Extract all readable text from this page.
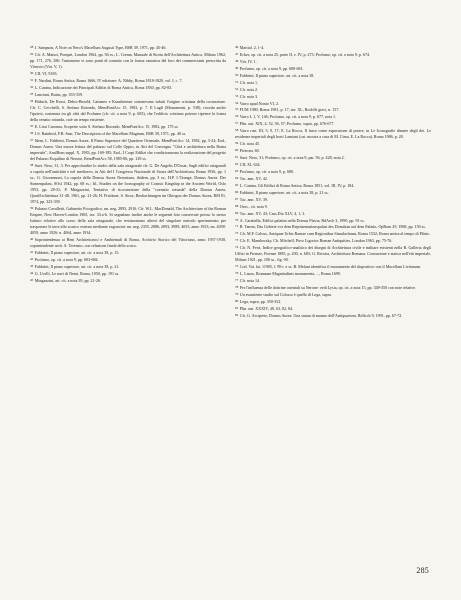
$^{28}$ J. Sampson, A Note on Nero's Macellum Augusti Type, BSR 39, 1971, pp. 45-46.

$^{29}$ Cfr. A. Maiuri, Pompei, London 1962, pp. 94 ss.; L. Crema, Manuale di Storia dell'Architettura Antica, Milano 1962, pp. 171, 276, 286. Tantomeno vi sono punti di contatto con la forma canonica del foro dei commercianti prescritta da Vitruvio (Vitr. V, 1).

$^{30}$ CIL VI, 9183.

$^{31}$ F. Nardini, Roma Antica, Roma 1666, IV edizione: A. Nibby, Roma 1818-1820, vol. I, c. 7.

$^{32}$ L. Canina, Indicazione dei Principali Edifizi di Roma Antica, Roma 1830, pp. 82-83.

$^{33}$ Lanciani, Ruins, pp. 355-359.

$^{34}$ Hübsch, De Rossi, Dehio-Bezold, Cattaneo e Krautheimer sostenevano infatti l'origine cristiana della costruzione. Cfr. C. Cecchelli, S. Stefano Rotondo, MemPontAcc 15, 1982, p. 7. Il Lugli (Monumenti, p. 538), ricorda anche l'ipotesi, sostenuta tra gli altri dal Profumo (cfr. cit. a nota 9, p. 683), che l'edificio cristiano potesse ripetere la forma della cenatio rotunda, cioè un tempo esistente.

$^{35}$ E. Lissi Caronna, Scoperte sotto S. Stefano Rotondo, MemPontAcc 15, 1982, pp. 175 ss.

$^{36}$ J.S. Rainbird, F.B. Sear, The Description of the Macellum Magnum, BSR 39, 1971, pp. 40 ss.

$^{37}$ Idem, L. Fabbrini, Domus Aurea. Il Piano Superiore del Quartiere Orientale, MemPontAcc 14, 1982, pp. 5-24; Ead., Domus Aurea. Una nuova lettura del palazzo sul Colle Oppio, in Atti del Convegno "Città e architettura nella Roma imperiale", AnalRom suppl. X, 1983, pp. 169-185; Ead., I Corpi Edilizi che condizionarono la realizzazione del progetto del Palazzo Esquilino di Nerone, RendPontAcc 58, 1985-86, pp. 129 ss.

$^{38}$ Suet. Nero, 31, 3. Per approfondire lo studio della sala ottagonale cfr. G. De Angelis D'Ossat, Sugli edifici ottagonali a cupola nell'antichità e nel medioevo, in Atti del I Congresso Nazionale di Storia dell'Architettura, Roma 1936, pp. 1 ss.; G. Giovannoni, La cupola della Domus Aurea Neroniana, ibidem, pp. 3 ss.; H.P. L'Orange, Domus Aurea. Der Sonnenpalast, SOsl 1942, pp. 68 ss.; Id., Studies on the Iconography of Cosmic Kingship in the Ancient World, Oslo 1953, pp. 28-31; P. Mingazzini, Tentativo di ricostruzione della "coenatio rotunda" della Domus Aurea, QuadArchitettura 31-48, 1961, pp. 21-26; H. Prückner, S. Storz, Beobachtungen im Oktogon der Domus Aurea, RM 81, 1974, pp. 323-339.

$^{39}$ Palazzo Cavalletti, Gabinetto Fotografico, nn. neg. 2893, 2916. Cfr. W.L. MacDonald, The Architecture of the Roman Empire, New Haven-London 1965, tav. 33.a-b. Si segnalano inoltre anche le seguenti foto conservate presso lo stesso Istituto relative allo scavo della sala ottagonale, che testimoniano altresì del singolare metodo sperimentato per trasportare le terre allo scarico esterno mediante vagoncini: nn. neg. 2355, 2886, 2893, 3989, 4055, anno 1933; nn. 4058-4059, anno 1926: n. 4064, anno 1934.

$^{40}$ Soprintendenza ai Beni Architettonici e Ambientali di Roma, Archivio Storico del Vittoriano, anno 1937-1938, soprintendente arch. A. Terenzio, con relazione finale dello scavo.

$^{41}$ Fabbrini, Il piano superiore, art. cit. a nota 38, p. 15.

$^{42}$ Profumo, op. cit. a nota 9, pp. 683-684.

$^{43}$ Fabbrini, Il piano superiore, art. cit. a nota 38, p. 21.

$^{44}$ G. Ucelli, Le navi di Nemi, Roma, 1950, pp. 191 ss.

$^{45}$ Mingazzini, art. cit. a nota 39, pp. 21-26.

$^{46}$ Martial. 2, 1-4.

$^{47}$ Ecker, op. cit. a nota 25, parte II, v. IV, p. 273; Profumo, op. cit. a nota 9, p. 674.

$^{48}$ Vitr. IV, 1.

$^{49}$ Profumo, op. cit. a nota 9, pp. 680-681.

$^{50}$ Fabbrini, Il piano superiore, art. cit. a nota 38.

$^{51}$ Cfr. nota 1.

$^{52}$ Cfr. nota 2.

$^{53}$ Cfr. nota 3.

$^{54}$ Varro apud Nonio VI, 2.

$^{55}$ FUM 1980, Roma 1981, p. 17, tav. XL, Rodolfi greci, n. 157.

$^{56}$ Varro I, 1, V, 146; Profumo, op. cit. a nota 9, p. 677, nota 1.

$^{57}$ Plin. nat. XIX, 4, 52, 56, 57; Profumo, supra, pp. 676-677.

$^{58}$ Varro rust. III, 5, 9, 17; E. La Rocca, Il lusso come espressione di potere, in Le Iconografie dinaste degli dei. Le residenze imperiali degli horti Lamiani (cat. mostra a cura di M. Cima, E. La Rocca), Roma 1986, p. 20.

$^{59}$ Cfr. nota 45.

$^{60}$ Pietrom. 60.

$^{61}$ Suet. Nero, 31; Profumo, op. cit. a nota 9, par. 56, p. 428, nota 2.

$^{62}$ CIL XI, 634.

$^{63}$ Profumo, op. cit. a nota 9, p. 680.

$^{64}$ Tac. ann. XV, 42.

$^{65}$ L. Canina, Gli Edifizi di Roma Antica, Roma 1851, vol. III, IV, p. 184.

$^{66}$ Fabbrini, Il piano superiore, art. cit. a nota 38, p. 21 ss.

$^{67}$ Tac. ann. XV, 39.

$^{68}$ Oros., cit. nota 9.

$^{69}$ Tac. ann. XV, 43; Cass.Dio XLV, 4, 1, 3.

$^{70}$ A. Carattella, Edifici palatini nella Domus Flavia, BdArch 3, 1990, pp. 91 ss.

$^{71}$ B. Tamm, Das Gebiete vor dem Repräsentationspalast des Domitian auf dem Palatin, OpRom 29, 1968, pp. 150 ss.

$^{72}$ Cfr. M.F. Calvus, Antiquae Urbis Romae cum Regionibus Simulachrum, Roma 1532; Roma antica al tempo di Plinio.

$^{73}$ Cfr. E. Mandowsky, Ch. Mitchell, Pirro Ligorios Roman Antiquities, London 1963, pp. 75-76.

$^{74}$ Cfr. N. Ferri, Indice geografico-analitico dei disegni di Architettura civile e militare esistenti nella R. Galleria degli Uffizi in Firenze, Firenze 1885, p. 200, n. 683; G. Rivoira, Architettura Romana. Costruzione e statica nell'età imperiale, Milano 1921, pp. 100 ss., fig. 90.

$^{75}$ Cod. Vat. lat. 11905, f. 89 r. e ss. B. Meluni identifica il monumento del dispositivo con il Macellum Liviianum.

$^{76}$ L. Lauro, Romanae Magnitudinis monumenta, ..., Roma 1699.

$^{77}$ Cfr. nota 14.

$^{78}$ Per l'influenza delle dottrine orientali su Nerone: vedi Lysia, op. cit. a nota 15, pp. 349-350 con note relative.

$^{79}$ Un esauriente studio sul Colosso è quello di Lega, supra.

$^{80}$ Lega, supra, pp. 350-352.

$^{81}$ Plin. nat. XXXIV, 48, 63, 82, 84.

$^{82}$ Cfr. G. Arciprete, Domus Aurea. Una statua di marmo dell'Antiquarium, BdArch 9, 1991, pp. 67-72.

285
